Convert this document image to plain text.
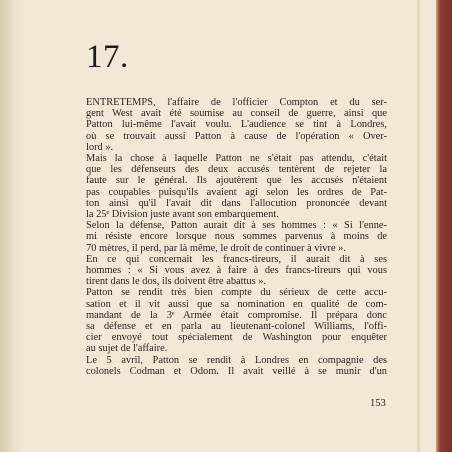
17.
ENTRETEMPS, l'affaire de l'officier Compton et du ser-
gent West avait été soumise au conseil de guerre, ainsi que
Patton lui-même l'avait voulu. L'audience se tint à Londres,
où se trouvait aussi Patton à cause de l'opération « Over-
lord ».
Mais la chose à laquelle Patton ne s'était pas attendu, c'était
que les défenseurs des deux accusés tentèrent de rejeter la
faute sur le général. Ils ajoutèrent que les accusés n'étaient
pas coupables puisqu'ils avaient agi selon les ordres de Pat-
ton ainsi qu'il l'avait dit dans l'allocution prononcée devant
la 25ᵉ Division juste avant son embarquement.
Selon la défense, Patton aurait dit à ses hommes : « Si l'enne-
mi résiste encore lorsque nous sommes parvenus à moins de
70 mètres, il perd, par là même, le droit de continuer à vivre ».
En ce qui concernait les francs-tireurs, il aurait dit à ses
hommes : « Si vous avez à faire à des francs-tireurs qui vous
tirent dans le dos, ils doivent être abattus ».
Patton se rendit très bien compte du sérieux de cette accu-
sation et il vit aussi que sa nomination en qualité de com-
mandant de la 3ᵉ Armée était compromise. Il prépara donc
sa défense et en parla au lieutenant-colonel Williams, l'offi-
cier envoyé tout spécialement de Washington pour enquêter
au sujet de l'affaire.
Le 5 avril, Patton se rendit à Londres en compagnie des
colonels Codman et Odom. Il avait veillé à se munir d'un
153
